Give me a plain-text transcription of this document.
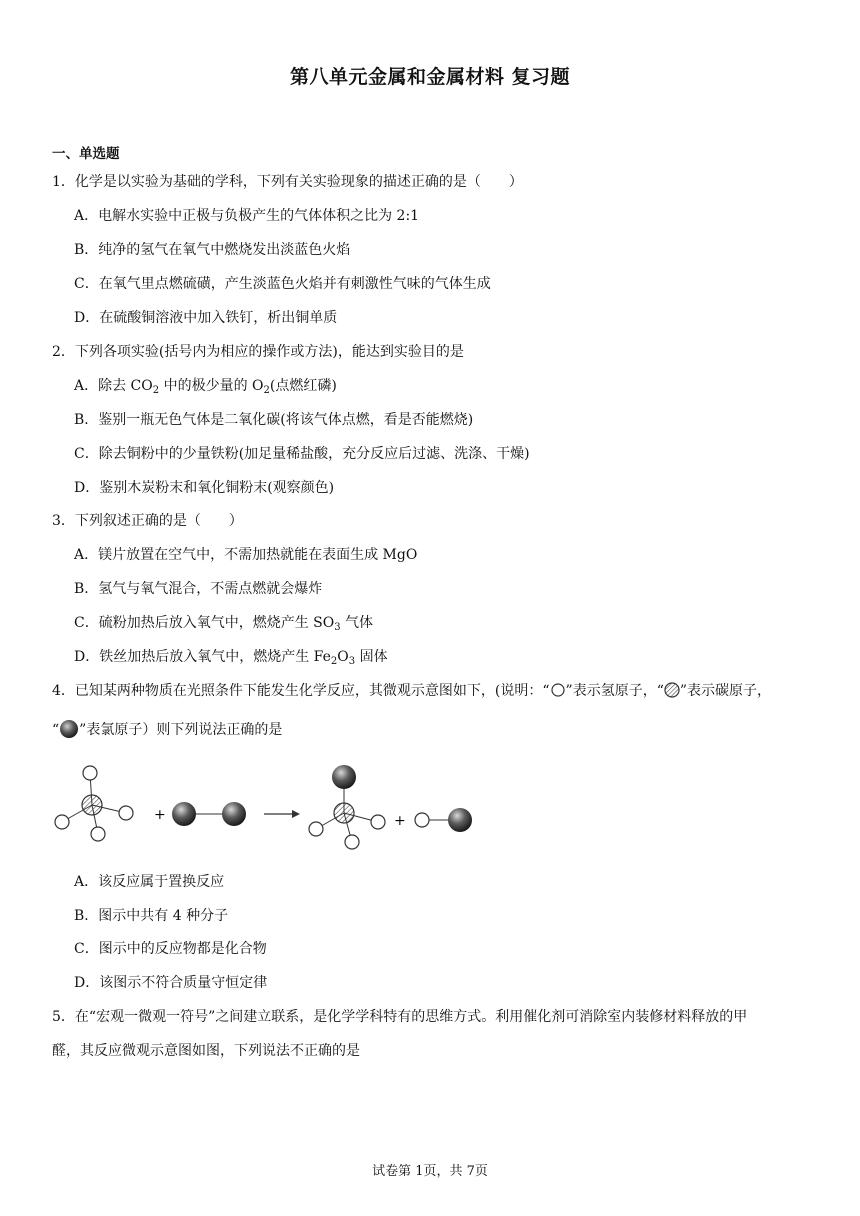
第八单元金属和金属材料 复习题
一、单选题
1．化学是以实验为基础的学科，下列有关实验现象的描述正确的是（　　）
A．电解水实验中正极与负极产生的气体体积之比为 2:1
B．纯净的氢气在氧气中燃烧发出淡蓝色火焰
C．在氧气里点燃硫磺，产生淡蓝色火焰并有刺激性气味的气体生成
D．在硫酸铜溶液中加入铁钉，析出铜单质
2．下列各项实验(括号内为相应的操作或方法)，能达到实验目的是
A．除去 $CO_2$ 中的极少量的 $O_2$(点燃红磷)
B．鉴别一瓶无色气体是二氧化碳(将该气体点燃，看是否能燃烧)
C．除去铜粉中的少量铁粉(加足量稀盐酸，充分反应后过滤、洗涤、干燥)
D．鉴别木炭粉末和氧化铜粉末(观察颜色)
3．下列叙述正确的是（　　）
A．镁片放置在空气中，不需加热就能在表面生成 MgO
B．氢气与氧气混合，不需点燃就会爆炸
C．硫粉加热后放入氧气中，燃烧产生 $SO_3$ 气体
D．铁丝加热后放入氧气中，燃烧产生 $Fe_2O_3$ 固体
4．已知某两种物质在光照条件下能发生化学反应，其微观示意图如下，(说明：“ ”表示氢原子，“ ”表示碳原子，
“ ”表氯原子）则下列说法正确的是
+	+
A．该反应属于置换反应
B．图示中共有 4 种分子
C．图示中的反应物都是化合物
D．该图示不符合质量守恒定律
5．在“宏观一微观一符号”之间建立联系，是化学学科特有的思维方式。利用催化剂可消除室内装修材料释放的甲
醛，其反应微观示意图如图，下列说法不正确的是
试卷第 1页，共 7页
